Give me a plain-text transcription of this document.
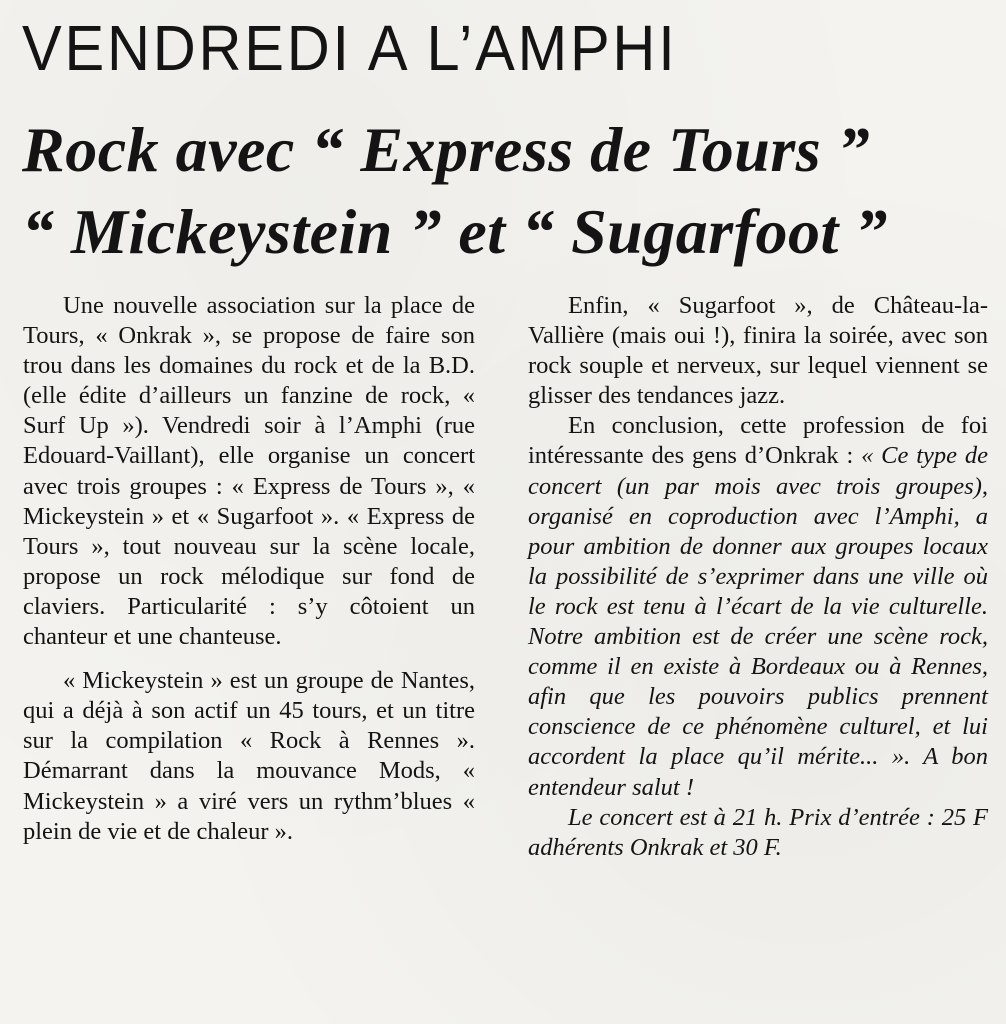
VENDREDI A L’AMPHI
Rock avec “ Express de Tours ”
“ Mickeystein ” et “ Sugarfoot ”

Une nouvelle association sur la place de Tours, « Onkrak », se propose de faire son trou dans les domaines du rock et de la B.D. (elle édite d’ailleurs un fanzine de rock, « Surf Up »). Vendredi soir à l’Amphi (rue Edouard-Vaillant), elle organise un concert avec trois groupes : « Express de Tours », « Mickeystein » et « Sugarfoot ». « Express de Tours », tout nouveau sur la scène locale, propose un rock mélodique sur fond de claviers. Particularité : s’y côtoient un chanteur et une chanteuse.

« Mickeystein » est un groupe de Nantes, qui a déjà à son actif un 45 tours, et un titre sur la compilation « Rock à Rennes ». Démarrant dans la mouvance Mods, « Mickeystein » a viré vers un rythm’blues « plein de vie et de chaleur ».

Enfin, « Sugarfoot », de Château-la-Vallière (mais oui !), finira la soirée, avec son rock souple et nerveux, sur lequel viennent se glisser des tendances jazz.

En conclusion, cette profession de foi intéressante des gens d’Onkrak : « Ce type de concert (un par mois avec trois groupes), organisé en coproduction avec l’Amphi, a pour ambition de donner aux groupes locaux la possibilité de s’exprimer dans une ville où le rock est tenu à l’écart de la vie culturelle. Notre ambition est de créer une scène rock, comme il en existe à Bordeaux ou à Rennes, afin que les pouvoirs publics prennent conscience de ce phénomène culturel, et lui accordent la place qu’il mérite... ». A bon entendeur salut !

Le concert est à 21 h. Prix d’entrée : 25 F adhérents Onkrak et 30 F.
